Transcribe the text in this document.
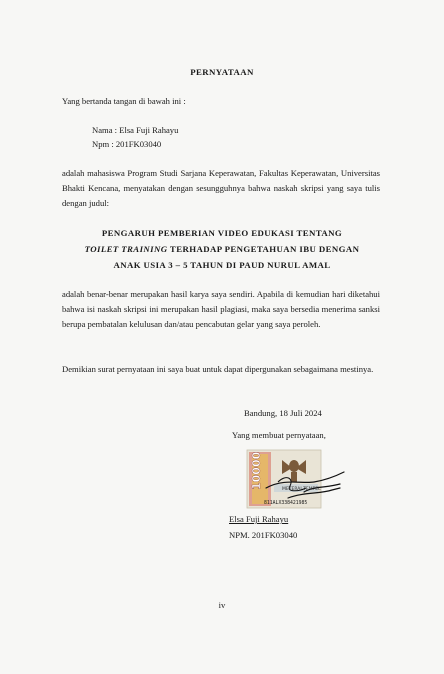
PERNYATAAN
Yang bertanda tangan di bawah ini :
Nama : Elsa Fuji Rahayu
Npm : 201FK03040
adalah mahasiswa Program Studi Sarjana Keperawatan, Fakultas Keperawatan, Universitas Bhakti Kencana, menyatakan dengan sesungguhnya bahwa naskah skripsi yang saya tulis dengan judul:
PENGARUH PEMBERIAN VIDEO EDUKASI TENTANG
TOILET TRAINING TERHADAP PENGETAHUAN IBU DENGAN
ANAK USIA 3 – 5 TAHUN DI PAUD NURUL AMAL
adalah benar-benar merupakan hasil karya saya sendiri. Apabila di kemudian hari diketahui bahwa isi naskah skripsi ini merupakan hasil plagiasi, maka saya bersedia menerima sanksi berupa pembatalan kelulusan dan/atau pencabutan gelar yang saya peroleh.
Demikian surat pernyataan ini saya buat untuk dapat dipergunakan sebagaimana mestinya.
Bandung, 18 Juli 2024
Yang membuat pernyataan,
10000	METERAI TEMPEL
811ALX338421985
Elsa Fuji Rahayu
NPM. 201FK03040
iv
